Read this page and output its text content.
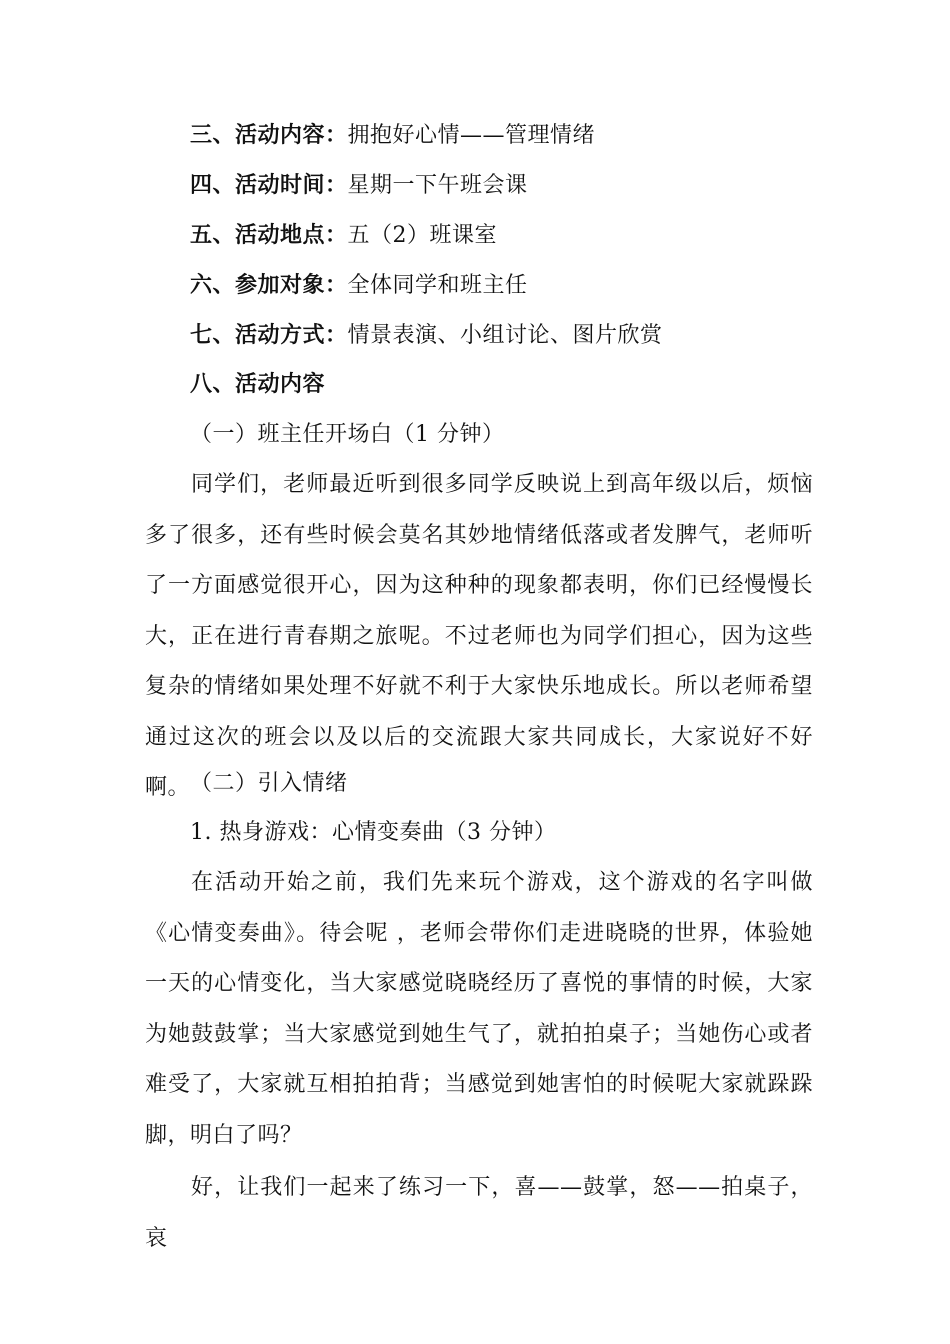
三、活动内容：拥抱好心情——管理情绪
四、活动时间：星期一下午班会课
五、活动地点：五（2）班课室
六、参加对象：全体同学和班主任
七、活动方式：情景表演、小组讨论、图片欣赏
八、活动内容
（一）班主任开场白（1 分钟）

同学们，老师最近听到很多同学反映说上到高年级以后，烦恼多了很多，还有些时候会莫名其妙地情绪低落或者发脾气，老师听了一方面感觉很开心，因为这种种的现象都表明，你们已经慢慢长大，正在进行青春期之旅呢。不过老师也为同学们担心，因为这些复杂的情绪如果处理不好就不利于大家快乐地成长。所以老师希望通过这次的班会以及以后的交流跟大家共同成长，大家说好不好啊。 （二）引入情绪
1. 热身游戏：心情变奏曲（3 分钟）

在活动开始之前，我们先来玩个游戏，这个游戏的名字叫做《心情变奏曲》。待会呢 ，老师会带你们走进晓晓的世界，体验她一天的心情变化，当大家感觉晓晓经历了喜悦的事情的时候，大家为她鼓鼓掌；当大家感觉到她生气了，就拍拍桌子；当她伤心或者难受了，大家就互相拍拍背；当感觉到她害怕的时候呢大家就跺跺脚，明白了吗？

好，让我们一起来了练习一下，喜——鼓掌，怒——拍桌子，哀
